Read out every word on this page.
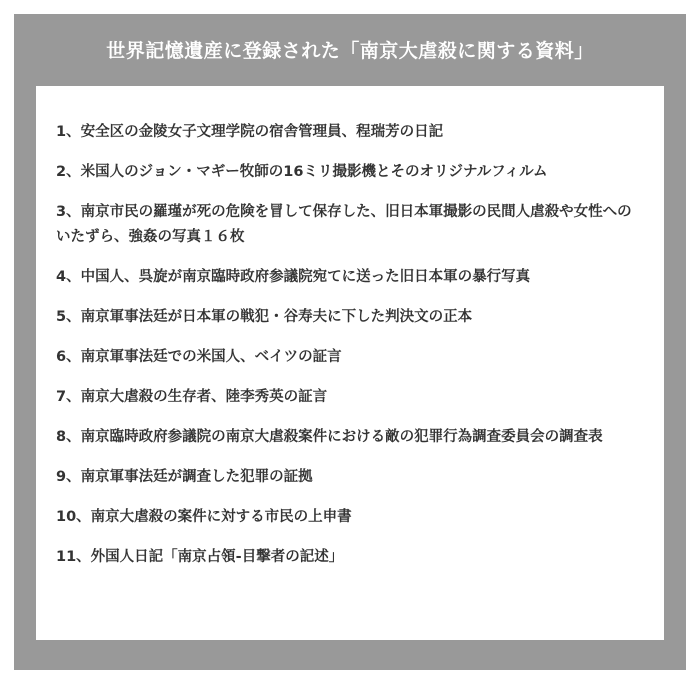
世界記憶遺産に登録された「南京大虐殺に関する資料」
1、安全区の金陵女子文理学院の宿舎管理員、程瑞芳の日記
2、米国人のジョン・マギー牧師の16ミリ撮影機とそのオリジナルフィルム
3、南京市民の羅瑾が死の危険を冒して保存した、旧日本軍撮影の民間人虐殺や女性へのいたずら、強姦の写真１６枚
4、中国人、呉旋が南京臨時政府参議院宛てに送った旧日本軍の暴行写真
5、南京軍事法廷が日本軍の戦犯・谷寿夫に下した判決文の正本
6、南京軍事法廷での米国人、ベイツの証言
7、南京大虐殺の生存者、陸李秀英の証言
8、南京臨時政府参議院の南京大虐殺案件における敵の犯罪行為調査委員会の調査表
9、南京軍事法廷が調査した犯罪の証拠
10、南京大虐殺の案件に対する市民の上申書
11、外国人日記「南京占領-目撃者の記述」
